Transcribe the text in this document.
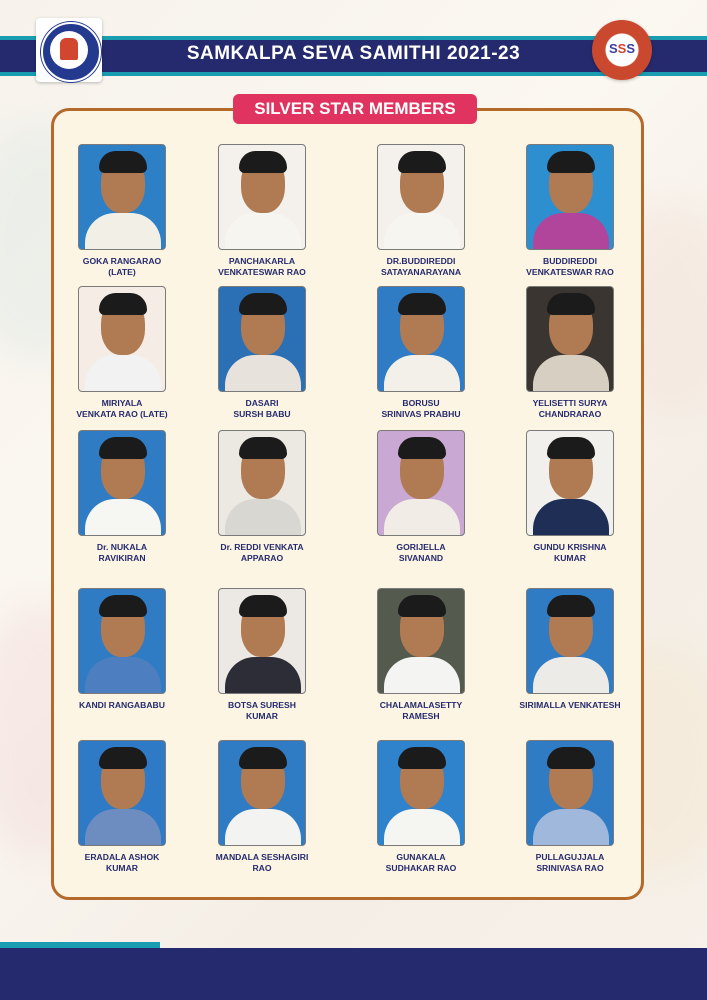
SAMKALPA SEVA SAMITHI 2021-23	SSS
SILVER STAR MEMBERS
GOKA RANGARAO
(LATE)
PANCHAKARLA
VENKATESWAR RAO
DR.BUDDIREDDI
SATAYANARAYANA
BUDDIREDDI
VENKATESWAR RAO
MIRIYALA
VENKATA RAO (LATE)
DASARI
SURSH BABU
BORUSU
SRINIVAS PRABHU
YELISETTI SURYA
CHANDRARAO
Dr. NUKALA
RAVIKIRAN
Dr. REDDI VENKATA
APPARAO
GORIJELLA
SIVANAND
GUNDU KRISHNA
KUMAR
KANDI RANGABABU	BOTSA SURESH
KUMAR
CHALAMALASETTY
RAMESH
SIRIMALLA VENKATESH
ERADALA ASHOK
KUMAR
MANDALA SESHAGIRI
RAO
GUNAKALA
SUDHAKAR RAO
PULLAGUJJALA
SRINIVASA RAO
